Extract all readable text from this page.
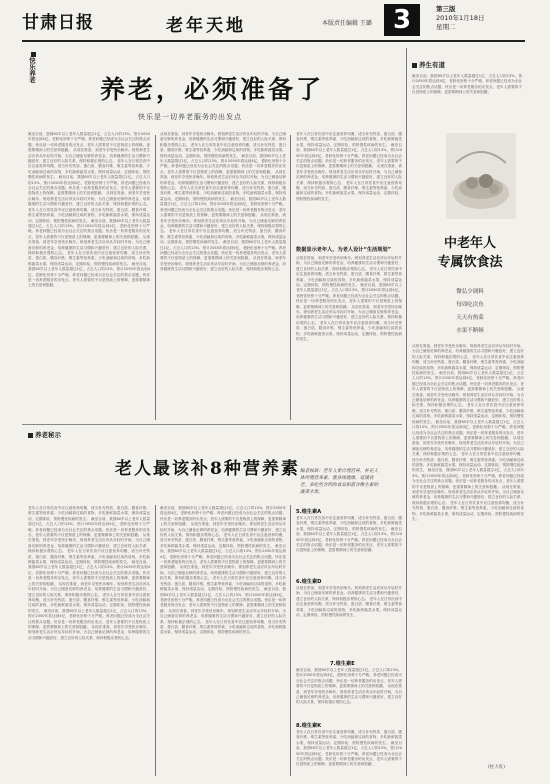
甘肃日报	老年天地	本版责任编辑 王璐 3	第三版
2010年1月18日
星期二
快乐养老
养老，必须准备了
快乐是一切养老服务的出发点
截至目前，我国60岁以上老年人数量超过1亿，占总人口的13%，预计2050年将达到4亿，老龄化形势十分严峻。养老问题已经成为全社会关注的焦点话题。快乐是一切养老服务的出发点，老年人需要的不仅是物质上的保障，更需要精神上的关爱和慰藉。 从现在准备，到老年享受快乐晚年。规划养老生活应该从年轻时开始，为自己储备足够的养老金，培养健康的生活习惯和兴趣爱好，建立良好的人际关系，保持积极乐观的心态。 老年人在日常饮食中应注意营养均衡，适当补充钙质、蛋白质、膳食纤维、维生素等营养素，少吃油腻和过咸的食物，多吃新鲜蔬菜水果，保持适量运动，定期体检，预防慢性疾病的发生。 截至目前，我国60岁以上老年人数量超过1亿，占总人口的13%，预计2050年将达到4亿，老龄化形势十分严峻。养老问题已经成为全社会关注的焦点话题。快乐是一切养老服务的出发点，老年人需要的不仅是物质上的保障，更需要精神上的关爱和慰藉。 从现在准备，到老年享受快乐晚年。规划养老生活应该从年轻时开始，为自己储备足够的养老金，培养健康的生活习惯和兴趣爱好，建立良好的人际关系，保持积极乐观的心态。 老年人在日常饮食中应注意营养均衡，适当补充钙质、蛋白质、膳食纤维、维生素等营养素，少吃油腻和过咸的食物，多吃新鲜蔬菜水果，保持适量运动，定期体检，预防慢性疾病的发生。 截至目前，我国60岁以上老年人数量超过1亿，占总人口的13%，预计2050年将达到4亿，老龄化形势十分严峻。养老问题已经成为全社会关注的焦点话题。快乐是一切养老服务的出发点，老年人需要的不仅是物质上的保障，更需要精神上的关爱和慰藉。 从现在准备，到老年享受快乐晚年。规划养老生活应该从年轻时开始，为自己储备足够的养老金，培养健康的生活习惯和兴趣爱好，建立良好的人际关系，保持积极乐观的心态。 老年人在日常饮食中应注意营养均衡，适当补充钙质、蛋白质、膳食纤维、维生素等营养素，少吃油腻和过咸的食物，多吃新鲜蔬菜水果，保持适量运动，定期体检，预防慢性疾病的发生。 截至目前，我国60岁以上老年人数量超过1亿，占总人口的13%，预计2050年将达到4亿，老龄化形势十分严峻。养老问题已经成为全社会关注的焦点话题。快乐是一切养老服务的出发点，老年人需要的不仅是物质上的保障，更需要精神上的关爱和慰藉。
从现在准备，到老年享受快乐晚年。规划养老生活应该从年轻时开始，为自己储备足够的养老金，培养健康的生活习惯和兴趣爱好，建立良好的人际关系，保持积极乐观的心态。 老年人在日常饮食中应注意营养均衡，适当补充钙质、蛋白质、膳食纤维、维生素等营养素，少吃油腻和过咸的食物，多吃新鲜蔬菜水果，保持适量运动，定期体检，预防慢性疾病的发生。 截至目前，我国60岁以上老年人数量超过1亿，占总人口的13%，预计2050年将达到4亿，老龄化形势十分严峻。养老问题已经成为全社会关注的焦点话题。快乐是一切养老服务的出发点，老年人需要的不仅是物质上的保障，更需要精神上的关爱和慰藉。 从现在准备，到老年享受快乐晚年。规划养老生活应该从年轻时开始，为自己储备足够的养老金，培养健康的生活习惯和兴趣爱好，建立良好的人际关系，保持积极乐观的心态。 老年人在日常饮食中应注意营养均衡，适当补充钙质、蛋白质、膳食纤维、维生素等营养素，少吃油腻和过咸的食物，多吃新鲜蔬菜水果，保持适量运动，定期体检，预防慢性疾病的发生。 截至目前，我国60岁以上老年人数量超过1亿，占总人口的13%，预计2050年将达到4亿，老龄化形势十分严峻。养老问题已经成为全社会关注的焦点话题。快乐是一切养老服务的出发点，老年人需要的不仅是物质上的保障，更需要精神上的关爱和慰藉。 从现在准备，到老年享受快乐晚年。规划养老生活应该从年轻时开始，为自己储备足够的养老金，培养健康的生活习惯和兴趣爱好，建立良好的人际关系，保持积极乐观的心态。 老年人在日常饮食中应注意营养均衡，适当补充钙质、蛋白质、膳食纤维、维生素等营养素，少吃油腻和过咸的食物，多吃新鲜蔬菜水果，保持适量运动，定期体检，预防慢性疾病的发生。 截至目前，我国60岁以上老年人数量超过1亿，占总人口的13%，预计2050年将达到4亿，老龄化形势十分严峻。养老问题已经成为全社会关注的焦点话题。快乐是一切养老服务的出发点，老年人需要的不仅是物质上的保障，更需要精神上的关爱和慰藉。 从现在准备，到老年享受快乐晚年。规划养老生活应该从年轻时开始，为自己储备足够的养老金，培养健康的生活习惯和兴趣爱好，建立良好的人际关系，保持积极乐观的心态。
老年人在日常饮食中应注意营养均衡，适当补充钙质、蛋白质、膳食纤维、维生素等营养素，少吃油腻和过咸的食物，多吃新鲜蔬菜水果，保持适量运动，定期体检，预防慢性疾病的发生。 截至目前，我国60岁以上老年人数量超过1亿，占总人口的13%，预计2050年将达到4亿，老龄化形势十分严峻。养老问题已经成为全社会关注的焦点话题。快乐是一切养老服务的出发点，老年人需要的不仅是物质上的保障，更需要精神上的关爱和慰藉。 从现在准备，到老年享受快乐晚年。规划养老生活应该从年轻时开始，为自己储备足够的养老金，培养健康的生活习惯和兴趣爱好，建立良好的人际关系，保持积极乐观的心态。 老年人在日常饮食中应注意营养均衡，适当补充钙质、蛋白质、膳食纤维、维生素等营养素，少吃油腻和过咸的食物，多吃新鲜蔬菜水果，保持适量运动，定期体检，预防慢性疾病的发生。
数据显示老年人，为老人设计“生活规划”
从现在准备，到老年享受快乐晚年。规划养老生活应该从年轻时开始，为自己储备足够的养老金，培养健康的生活习惯和兴趣爱好，建立良好的人际关系，保持积极乐观的心态。 老年人在日常饮食中应注意营养均衡，适当补充钙质、蛋白质、膳食纤维、维生素等营养素，少吃油腻和过咸的食物，多吃新鲜蔬菜水果，保持适量运动，定期体检，预防慢性疾病的发生。 截至目前，我国60岁以上老年人数量超过1亿，占总人口的13%，预计2050年将达到4亿，老龄化形势十分严峻。养老问题已经成为全社会关注的焦点话题。快乐是一切养老服务的出发点，老年人需要的不仅是物质上的保障，更需要精神上的关爱和慰藉。 从现在准备，到老年享受快乐晚年。规划养老生活应该从年轻时开始，为自己储备足够的养老金，培养健康的生活习惯和兴趣爱好，建立良好的人际关系，保持积极乐观的心态。 老年人在日常饮食中应注意营养均衡，适当补充钙质、蛋白质、膳食纤维、维生素等营养素，少吃油腻和过咸的食物，多吃新鲜蔬菜水果，保持适量运动，定期体检，预防慢性疾病的发生。
养老秘示
老人最该补8种营养素
老年人在日常饮食中应注意营养均衡，适当补充钙质、蛋白质、膳食纤维、维生素等营养素，少吃油腻和过咸的食物，多吃新鲜蔬菜水果，保持适量运动，定期体检，预防慢性疾病的发生。 截至目前，我国60岁以上老年人数量超过1亿，占总人口的13%，预计2050年将达到4亿，老龄化形势十分严峻。养老问题已经成为全社会关注的焦点话题。快乐是一切养老服务的出发点，老年人需要的不仅是物质上的保障，更需要精神上的关爱和慰藉。 从现在准备，到老年享受快乐晚年。规划养老生活应该从年轻时开始，为自己储备足够的养老金，培养健康的生活习惯和兴趣爱好，建立良好的人际关系，保持积极乐观的心态。 老年人在日常饮食中应注意营养均衡，适当补充钙质、蛋白质、膳食纤维、维生素等营养素，少吃油腻和过咸的食物，多吃新鲜蔬菜水果，保持适量运动，定期体检，预防慢性疾病的发生。 截至目前，我国60岁以上老年人数量超过1亿，占总人口的13%，预计2050年将达到4亿，老龄化形势十分严峻。养老问题已经成为全社会关注的焦点话题。快乐是一切养老服务的出发点，老年人需要的不仅是物质上的保障，更需要精神上的关爱和慰藉。 从现在准备，到老年享受快乐晚年。规划养老生活应该从年轻时开始，为自己储备足够的养老金，培养健康的生活习惯和兴趣爱好，建立良好的人际关系，保持积极乐观的心态。 老年人在日常饮食中应注意营养均衡，适当补充钙质、蛋白质、膳食纤维、维生素等营养素，少吃油腻和过咸的食物，多吃新鲜蔬菜水果，保持适量运动，定期体检，预防慢性疾病的发生。 截至目前，我国60岁以上老年人数量超过1亿，占总人口的13%，预计2050年将达到4亿，老龄化形势十分严峻。养老问题已经成为全社会关注的焦点话题。快乐是一切养老服务的出发点，老年人需要的不仅是物质上的保障，更需要精神上的关爱和慰藉。 从现在准备，到老年享受快乐晚年。规划养老生活应该从年轻时开始，为自己储备足够的养老金，培养健康的生活习惯和兴趣爱好，建立良好的人际关系，保持积极乐观的心态。
截至目前，我国60岁以上老年人数量超过1亿，占总人口的13%，预计2050年将达到4亿，老龄化形势十分严峻。养老问题已经成为全社会关注的焦点话题。快乐是一切养老服务的出发点，老年人需要的不仅是物质上的保障，更需要精神上的关爱和慰藉。 从现在准备，到老年享受快乐晚年。规划养老生活应该从年轻时开始，为自己储备足够的养老金，培养健康的生活习惯和兴趣爱好，建立良好的人际关系，保持积极乐观的心态。 老年人在日常饮食中应注意营养均衡，适当补充钙质、蛋白质、膳食纤维、维生素等营养素，少吃油腻和过咸的食物，多吃新鲜蔬菜水果，保持适量运动，定期体检，预防慢性疾病的发生。 截至目前，我国60岁以上老年人数量超过1亿，占总人口的13%，预计2050年将达到4亿，老龄化形势十分严峻。养老问题已经成为全社会关注的焦点话题。快乐是一切养老服务的出发点，老年人需要的不仅是物质上的保障，更需要精神上的关爱和慰藉。 从现在准备，到老年享受快乐晚年。规划养老生活应该从年轻时开始，为自己储备足够的养老金，培养健康的生活习惯和兴趣爱好，建立良好的人际关系，保持积极乐观的心态。 老年人在日常饮食中应注意营养均衡，适当补充钙质、蛋白质、膳食纤维、维生素等营养素，少吃油腻和过咸的食物，多吃新鲜蔬菜水果，保持适量运动，定期体检，预防慢性疾病的发生。 截至目前，我国60岁以上老年人数量超过1亿，占总人口的13%，预计2050年将达到4亿，老龄化形势十分严峻。养老问题已经成为全社会关注的焦点话题。快乐是一切养老服务的出发点，老年人需要的不仅是物质上的保障，更需要精神上的关爱和慰藉。 从现在准备，到老年享受快乐晚年。规划养老生活应该从年轻时开始，为自己储备足够的养老金，培养健康的生活习惯和兴趣爱好，建立良好的人际关系，保持积极乐观的心态。 老年人在日常饮食中应注意营养均衡，适当补充钙质、蛋白质、膳食纤维、维生素等营养素，少吃油腻和过咸的食物，多吃新鲜蔬菜水果，保持适量运动，定期体检，预防慢性疾病的发生。
编者按语：老年人要合理营养，补充人体所需营养素，使身体健康，延缓衰老。多吃些含钙的食品和富含维生素的蔬菜水果。
5.维生素A
老年人在日常饮食中应注意营养均衡，适当补充钙质、蛋白质、膳食纤维、维生素等营养素，少吃油腻和过咸的食物，多吃新鲜蔬菜水果，保持适量运动，定期体检，预防慢性疾病的发生。 截至目前，我国60岁以上老年人数量超过1亿，占总人口的13%，预计2050年将达到4亿，老龄化形势十分严峻。养老问题已经成为全社会关注的焦点话题。快乐是一切养老服务的出发点，老年人需要的不仅是物质上的保障，更需要精神上的关爱和慰藉。
6.维生素D
从现在准备，到老年享受快乐晚年。规划养老生活应该从年轻时开始，为自己储备足够的养老金，培养健康的生活习惯和兴趣爱好，建立良好的人际关系，保持积极乐观的心态。 老年人在日常饮食中应注意营养均衡，适当补充钙质、蛋白质、膳食纤维、维生素等营养素，少吃油腻和过咸的食物，多吃新鲜蔬菜水果，保持适量运动，定期体检，预防慢性疾病的发生。
7.维生素E
截至目前，我国60岁以上老年人数量超过1亿，占总人口的13%，预计2050年将达到4亿，老龄化形势十分严峻。养老问题已经成为全社会关注的焦点话题。快乐是一切养老服务的出发点，老年人需要的不仅是物质上的保障，更需要精神上的关爱和慰藉。 从现在准备，到老年享受快乐晚年。规划养老生活应该从年轻时开始，为自己储备足够的养老金，培养健康的生活习惯和兴趣爱好，建立良好的人际关系，保持积极乐观的心态。
8.维生素K
老年人在日常饮食中应注意营养均衡，适当补充钙质、蛋白质、膳食纤维、维生素等营养素，少吃油腻和过咸的食物，多吃新鲜蔬菜水果，保持适量运动，定期体检，预防慢性疾病的发生。 截至目前，我国60岁以上老年人数量超过1亿，占总人口的13%，预计2050年将达到4亿，老龄化形势十分严峻。养老问题已经成为全社会关注的焦点话题。快乐是一切养老服务的出发点，老年人需要的不仅是物质上的保障，更需要精神上的关爱和慰藉。
养生有道
截至目前，我国60岁以上老年人数量超过1亿，占总人口的13%，预计2050年将达到4亿，老龄化形势十分严峻。养老问题已经成为全社会关注的焦点话题。快乐是一切养老服务的出发点，老年人需要的不仅是物质上的保障，更需要精神上的关爱和慰藉。
中老年人
专属饮食法
微弘少调料
每周吃次鱼
天天有热菜
水果不断顿
从现在准备，到老年享受快乐晚年。规划养老生活应该从年轻时开始，为自己储备足够的养老金，培养健康的生活习惯和兴趣爱好，建立良好的人际关系，保持积极乐观的心态。 老年人在日常饮食中应注意营养均衡，适当补充钙质、蛋白质、膳食纤维、维生素等营养素，少吃油腻和过咸的食物，多吃新鲜蔬菜水果，保持适量运动，定期体检，预防慢性疾病的发生。 截至目前，我国60岁以上老年人数量超过1亿，占总人口的13%，预计2050年将达到4亿，老龄化形势十分严峻。养老问题已经成为全社会关注的焦点话题。快乐是一切养老服务的出发点，老年人需要的不仅是物质上的保障，更需要精神上的关爱和慰藉。 从现在准备，到老年享受快乐晚年。规划养老生活应该从年轻时开始，为自己储备足够的养老金，培养健康的生活习惯和兴趣爱好，建立良好的人际关系，保持积极乐观的心态。 老年人在日常饮食中应注意营养均衡，适当补充钙质、蛋白质、膳食纤维、维生素等营养素，少吃油腻和过咸的食物，多吃新鲜蔬菜水果，保持适量运动，定期体检，预防慢性疾病的发生。 截至目前，我国60岁以上老年人数量超过1亿，占总人口的13%，预计2050年将达到4亿，老龄化形势十分严峻。养老问题已经成为全社会关注的焦点话题。快乐是一切养老服务的出发点，老年人需要的不仅是物质上的保障，更需要精神上的关爱和慰藉。 从现在准备，到老年享受快乐晚年。规划养老生活应该从年轻时开始，为自己储备足够的养老金，培养健康的生活习惯和兴趣爱好，建立良好的人际关系，保持积极乐观的心态。 老年人在日常饮食中应注意营养均衡，适当补充钙质、蛋白质、膳食纤维、维生素等营养素，少吃油腻和过咸的食物，多吃新鲜蔬菜水果，保持适量运动，定期体检，预防慢性疾病的发生。 截至目前，我国60岁以上老年人数量超过1亿，占总人口的13%，预计2050年将达到4亿，老龄化形势十分严峻。养老问题已经成为全社会关注的焦点话题。快乐是一切养老服务的出发点，老年人需要的不仅是物质上的保障，更需要精神上的关爱和慰藉。 从现在准备，到老年享受快乐晚年。规划养老生活应该从年轻时开始，为自己储备足够的养老金，培养健康的生活习惯和兴趣爱好，建立良好的人际关系，保持积极乐观的心态。 老年人在日常饮食中应注意营养均衡，适当补充钙质、蛋白质、膳食纤维、维生素等营养素，少吃油腻和过咸的食物，多吃新鲜蔬菜水果，保持适量运动，定期体检，预防慢性疾病的发生。
(柱大旺)
